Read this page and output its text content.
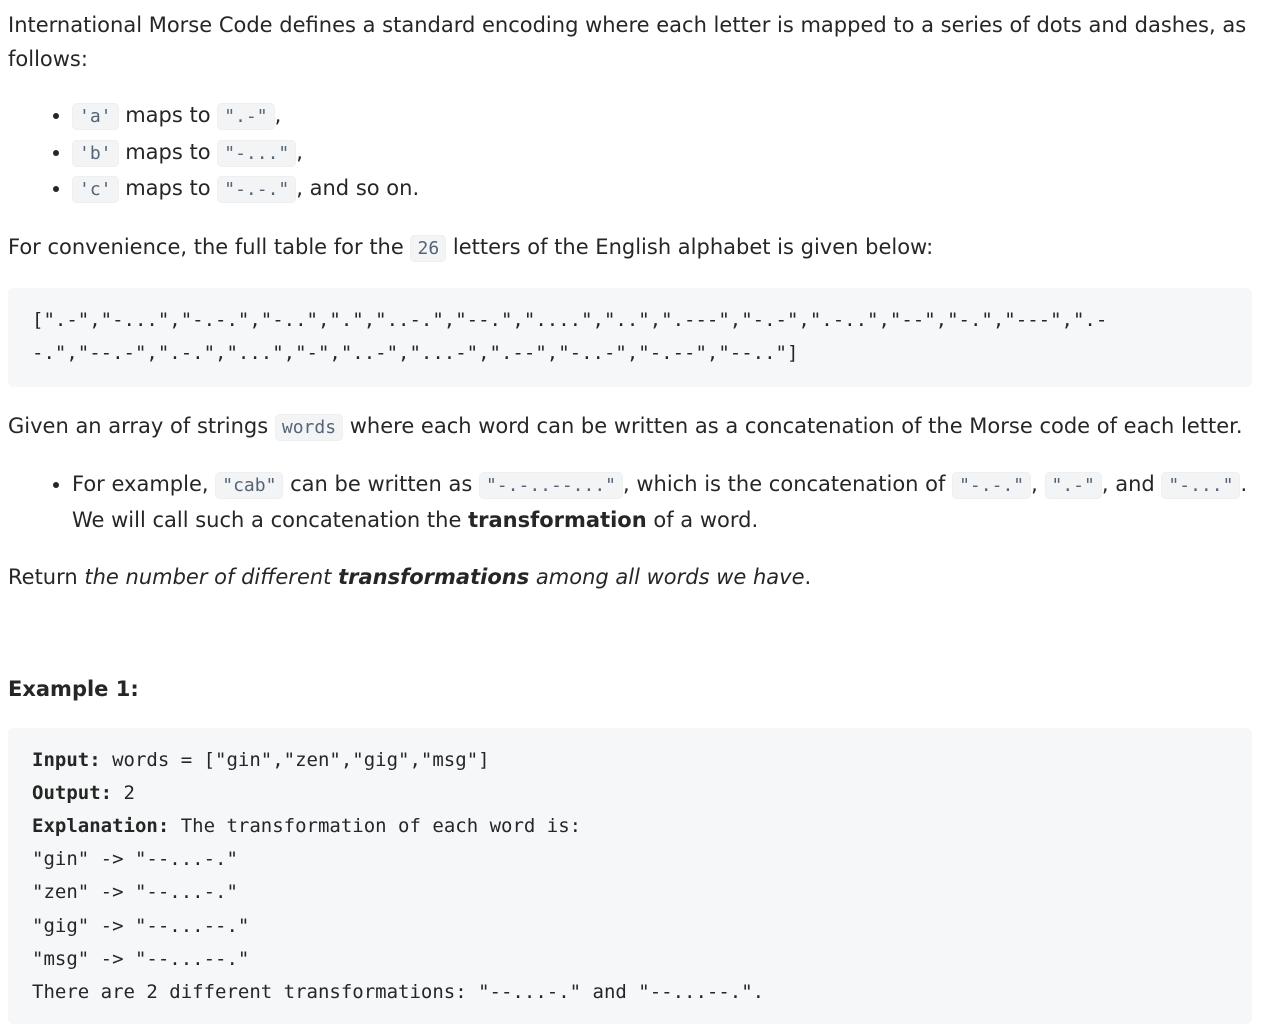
International Morse Code defines a standard encoding where each letter is mapped to a series of dots and dashes, as follows:

• 'a' maps to ".-" ,
• 'b' maps to "-..." ,
• 'c' maps to "-.-." , and so on.

For convenience, the full table for the 26 letters of the English alphabet is given below:

[".-","-...","-.-.","-..",".","..-.","--.","....","..",".---","-.-",".-..","--","-.","---",".-
-.","--.-",".-.","...","-","..-","...-",".--","-..-","-.--","--.."]

Given an array of strings words where each word can be written as a concatenation of the Morse code of each letter.

• For example, "cab" can be written as "-.-..--..." , which is the concatenation of "-.-." , ".-" , and "-..." . We will call such a concatenation the transformation of a word.

Return the number of different transformations among all words we have.

Example 1:

Input: words = ["gin","zen","gig","msg"]
Output: 2
Explanation: The transformation of each word is:
"gin" -> "--...-."
"zen" -> "--...-."
"gig" -> "--...--."
"msg" -> "--...--."
There are 2 different transformations: "--...-." and "--...--.".
